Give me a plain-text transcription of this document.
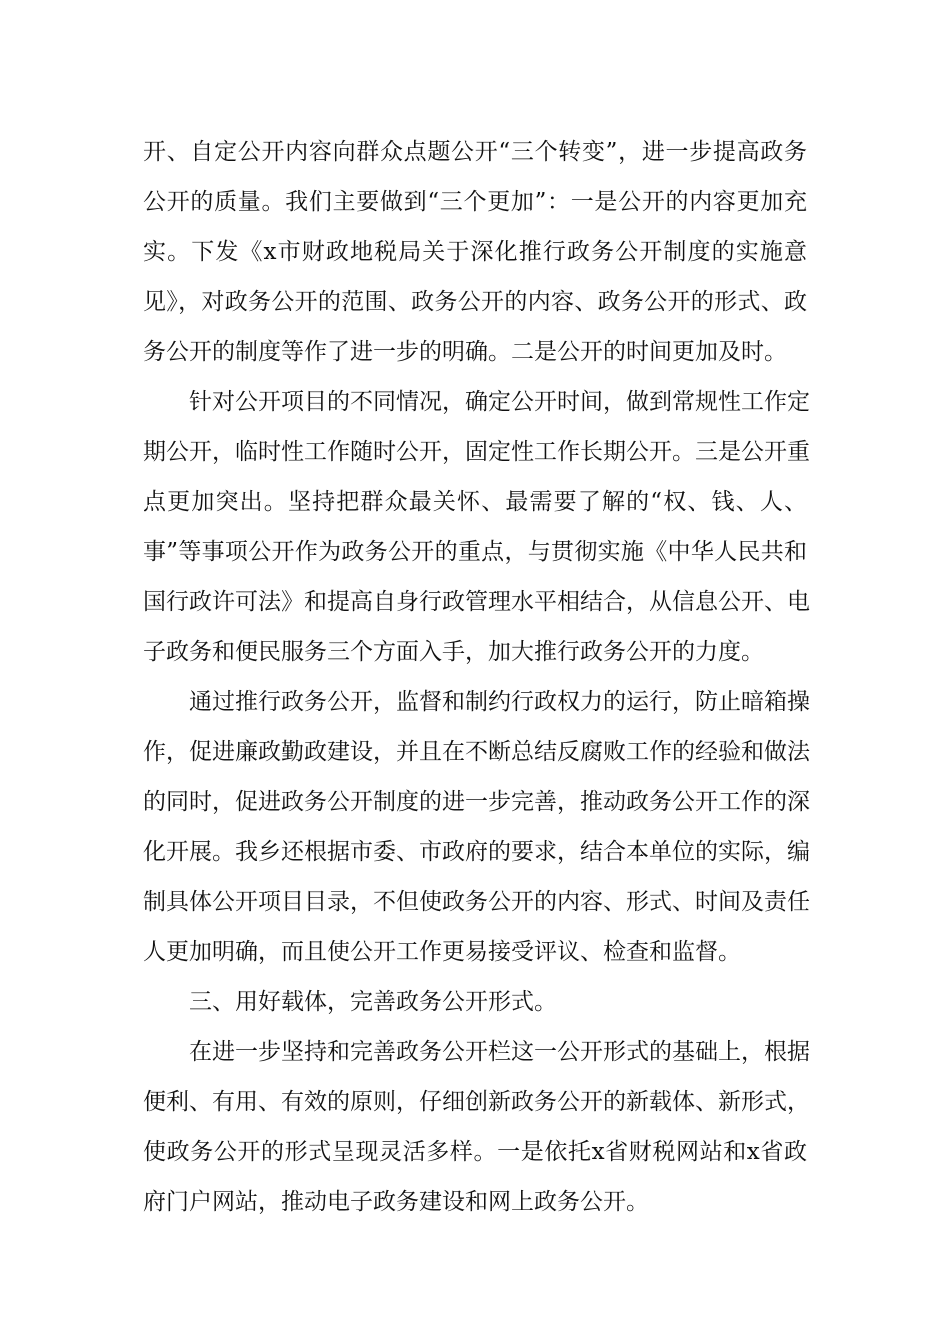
开、自定公开内容向群众点题公开“三个转变”，进一步提高政务
公开的质量。我们主要做到“三个更加”：一是公开的内容更加充
实。下发《x市财政地税局关于深化推行政务公开制度的实施意
见》，对政务公开的范围、政务公开的内容、政务公开的形式、政
务公开的制度等作了进一步的明确。二是公开的时间更加及时。
针对公开项目的不同情况，确定公开时间，做到常规性工作定
期公开，临时性工作随时公开，固定性工作长期公开。三是公开重
点更加突出。坚持把群众最关怀、最需要了解的“权、钱、人、
事”等事项公开作为政务公开的重点，与贯彻实施《中华人民共和
国行政许可法》和提高自身行政管理水平相结合，从信息公开、电
子政务和便民服务三个方面入手，加大推行政务公开的力度。
通过推行政务公开，监督和制约行政权力的运行，防止暗箱操
作，促进廉政勤政建设，并且在不断总结反腐败工作的经验和做法
的同时，促进政务公开制度的进一步完善，推动政务公开工作的深
化开展。我乡还根据市委、市政府的要求，结合本单位的实际，编
制具体公开项目目录，不但使政务公开的内容、形式、时间及责任
人更加明确，而且使公开工作更易接受评议、检查和监督。
三、用好载体，完善政务公开形式。
在进一步坚持和完善政务公开栏这一公开形式的基础上，根据
便利、有用、有效的原则，仔细创新政务公开的新载体、新形式，
使政务公开的形式呈现灵活多样。一是依托x省财税网站和x省政
府门户网站，推动电子政务建设和网上政务公开。
